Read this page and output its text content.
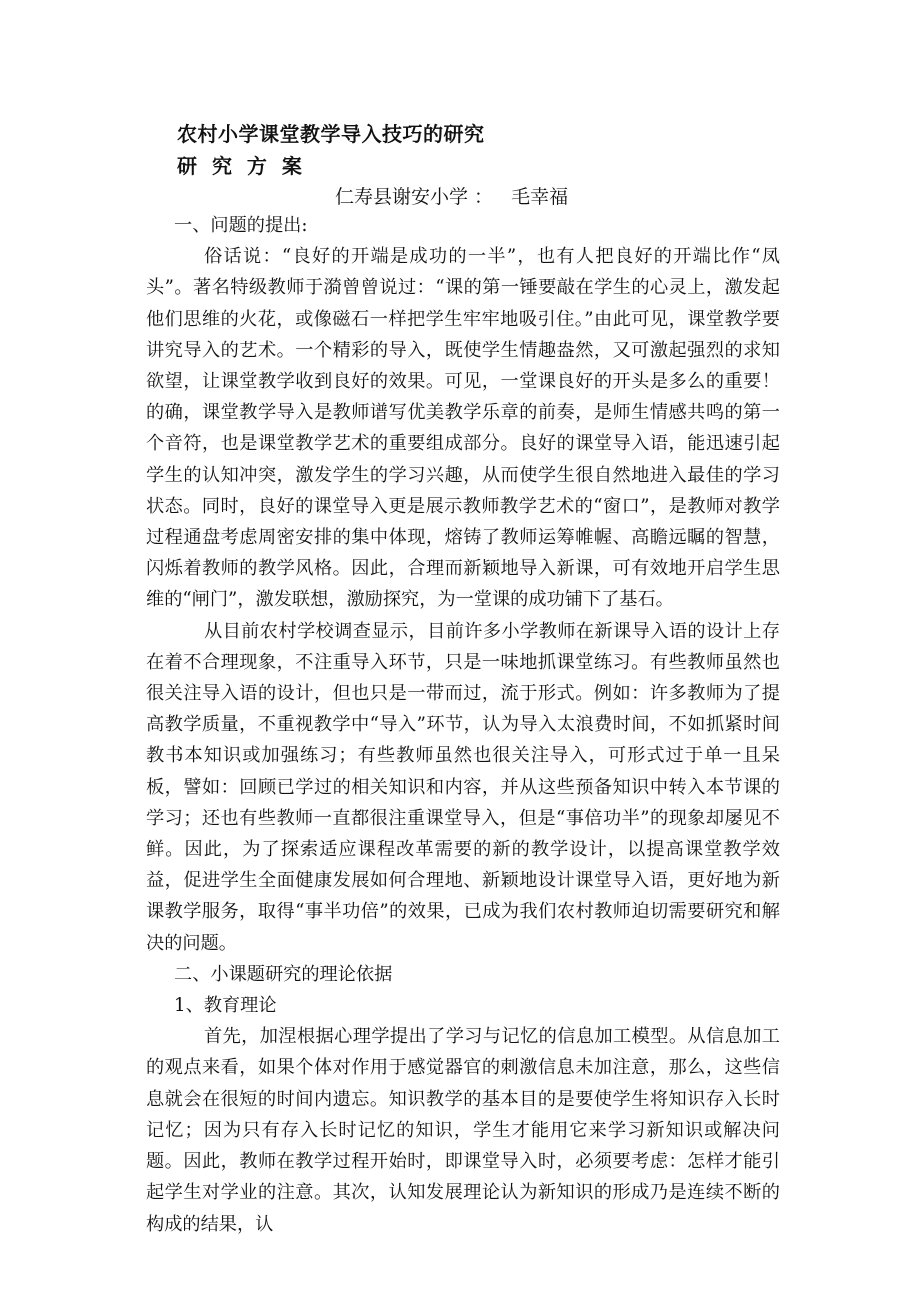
农村小学课堂教学导入技巧的研究
研 究 方 案
仁寿县谢安小学 ：   毛幸福

一、问题的提出:

俗话说：“良好的开端是成功的一半”，也有人把良好的开端比作“凤头”。著名特级教师于漪曾曾说过：“课的第一锤要敲在学生的心灵上，激发起他们思维的火花，或像磁石一样把学生牢牢地吸引住。”由此可见，课堂教学要讲究导入的艺术。一个精彩的导入，既使学生情趣盎然，又可激起强烈的求知欲望，让课堂教学收到良好的效果。可见，一堂课良好的开头是多么的重要！的确，课堂教学导入是教师谱写优美教学乐章的前奏，是师生情感共鸣的第一个音符，也是课堂教学艺术的重要组成部分。良好的课堂导入语，能迅速引起学生的认知冲突，激发学生的学习兴趣，从而使学生很自然地进入最佳的学习状态。同时，良好的课堂导入更是展示教师教学艺术的“窗口”，是教师对教学过程通盘考虑周密安排的集中体现，熔铸了教师运筹帷幄、高瞻远瞩的智慧，闪烁着教师的教学风格。因此，合理而新颖地导入新课，可有效地开启学生思维的“闸门”，激发联想，激励探究，为一堂课的成功铺下了基石。

从目前农村学校调查显示，目前许多小学教师在新课导入语的设计上存在着不合理现象，不注重导入环节，只是一味地抓课堂练习。有些教师虽然也很关注导入语的设计，但也只是一带而过，流于形式。例如：许多教师为了提高教学质量，不重视教学中“导入”环节，认为导入太浪费时间，不如抓紧时间教书本知识或加强练习；有些教师虽然也很关注导入，可形式过于单一且呆板，譬如：回顾已学过的相关知识和内容，并从这些预备知识中转入本节课的学习；还也有些教师一直都很注重课堂导入，但是“事倍功半”的现象却屡见不鲜。因此，为了探索适应课程改革需要的新的教学设计，以提高课堂教学效益，促进学生全面健康发展如何合理地、新颖地设计课堂导入语，更好地为新课教学服务，取得“事半功倍”的效果，已成为我们农村教师迫切需要研究和解决的问题。

二、小课题研究的理论依据

1、教育理论

首先，加涅根据心理学提出了学习与记忆的信息加工模型。从信息加工的观点来看，如果个体对作用于感觉器官的刺激信息未加注意，那么，这些信息就会在很短的时间内遗忘。知识教学的基本目的是要使学生将知识存入长时记忆；因为只有存入长时记忆的知识，学生才能用它来学习新知识或解决问题。因此，教师在教学过程开始时，即课堂导入时，必须要考虑：怎样才能引起学生对学业的注意。其次，认知发展理论认为新知识的形成乃是连续不断的构成的结果，认
